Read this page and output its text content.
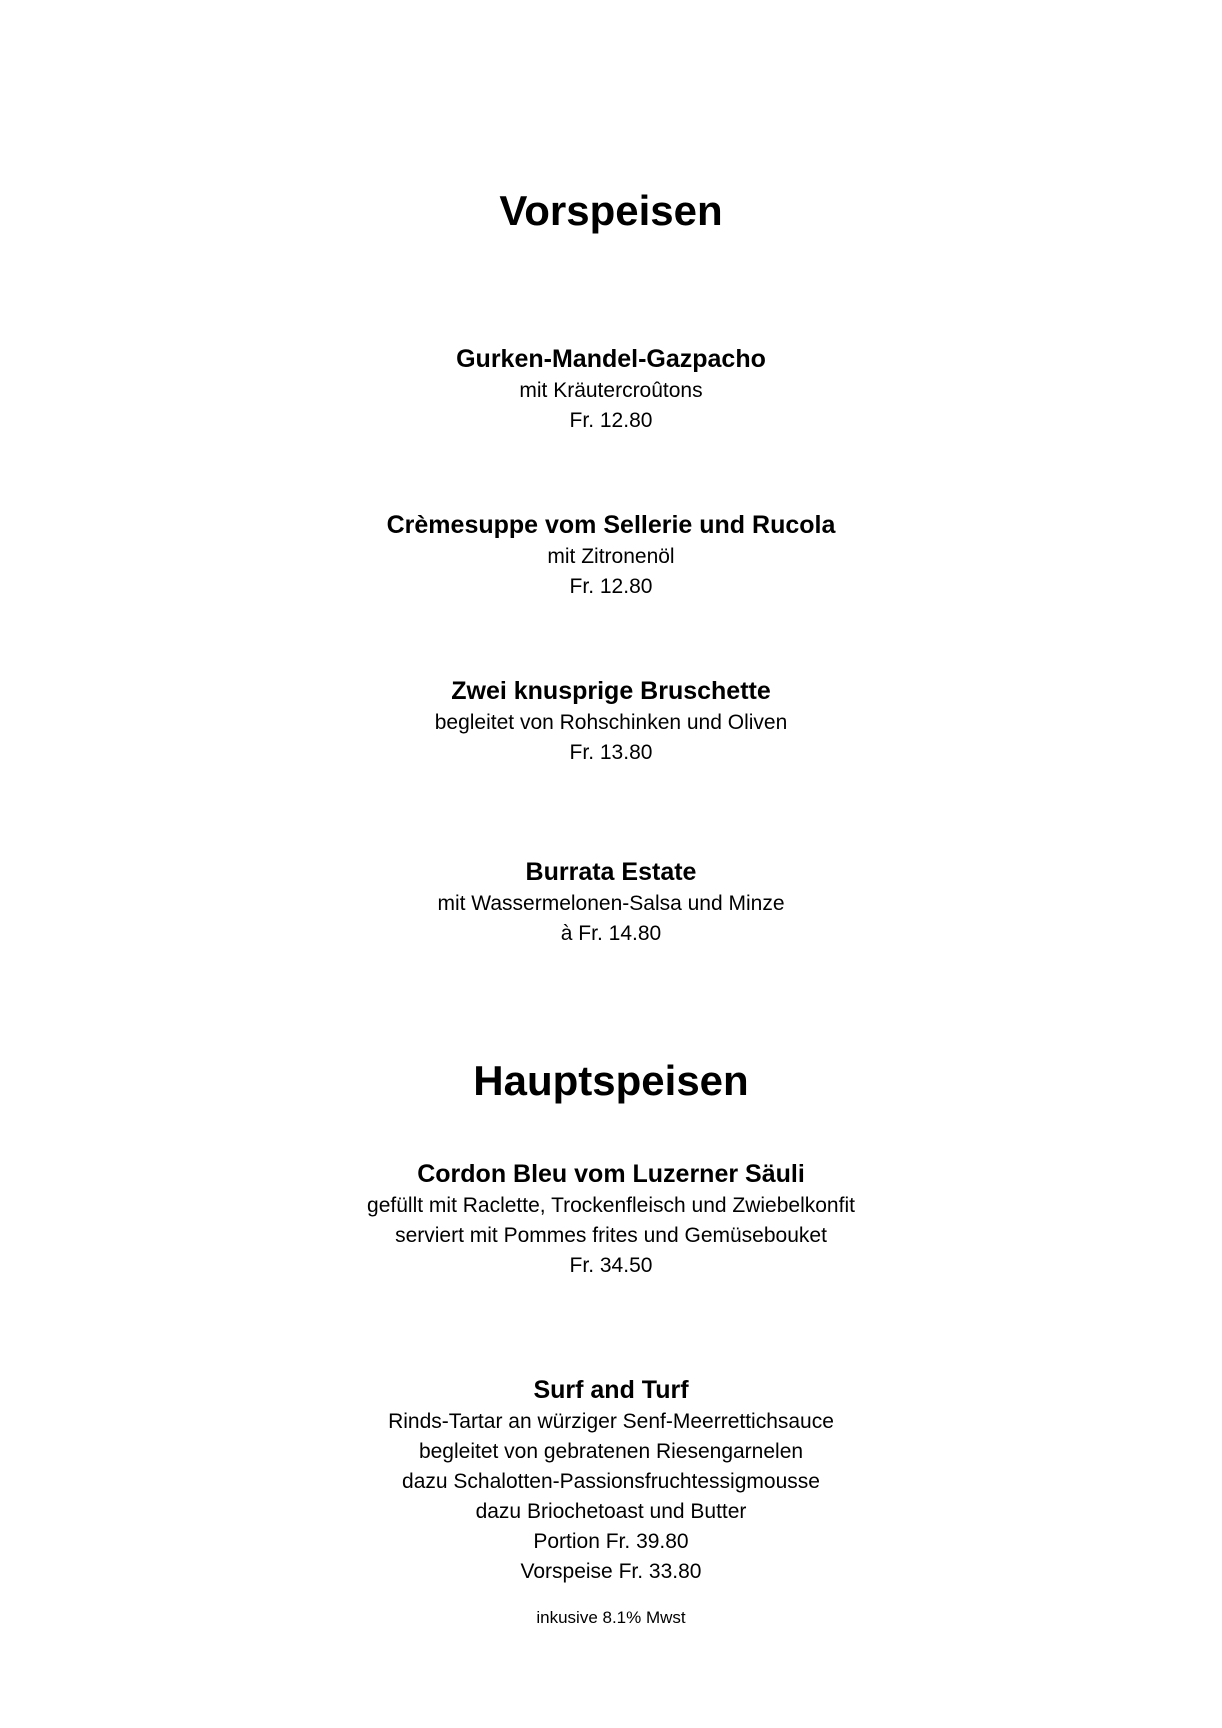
Vorspeisen
Gurken-Mandel-Gazpacho
mit Kräutercroûtons
Fr. 12.80
Crèmesuppe vom Sellerie und Rucola
mit Zitronenöl
Fr. 12.80
Zwei knusprige Bruschette
begleitet von Rohschinken und Oliven
Fr. 13.80
Burrata Estate
mit Wassermelonen-Salsa und Minze
à Fr. 14.80
Hauptspeisen
Cordon Bleu vom Luzerner Säuli
gefüllt mit Raclette, Trockenfleisch und Zwiebelkonfit
serviert mit Pommes frites und Gemüsebouket
Fr. 34.50
Surf and Turf
Rinds-Tartar an würziger Senf-Meerrettichsauce
begleitet von gebratenen Riesengarnelen
dazu Schalotten-Passionsfruchtessigmousse
dazu Briochetoast und Butter
Portion Fr. 39.80
Vorspeise Fr. 33.80
inkusive 8.1% Mwst
